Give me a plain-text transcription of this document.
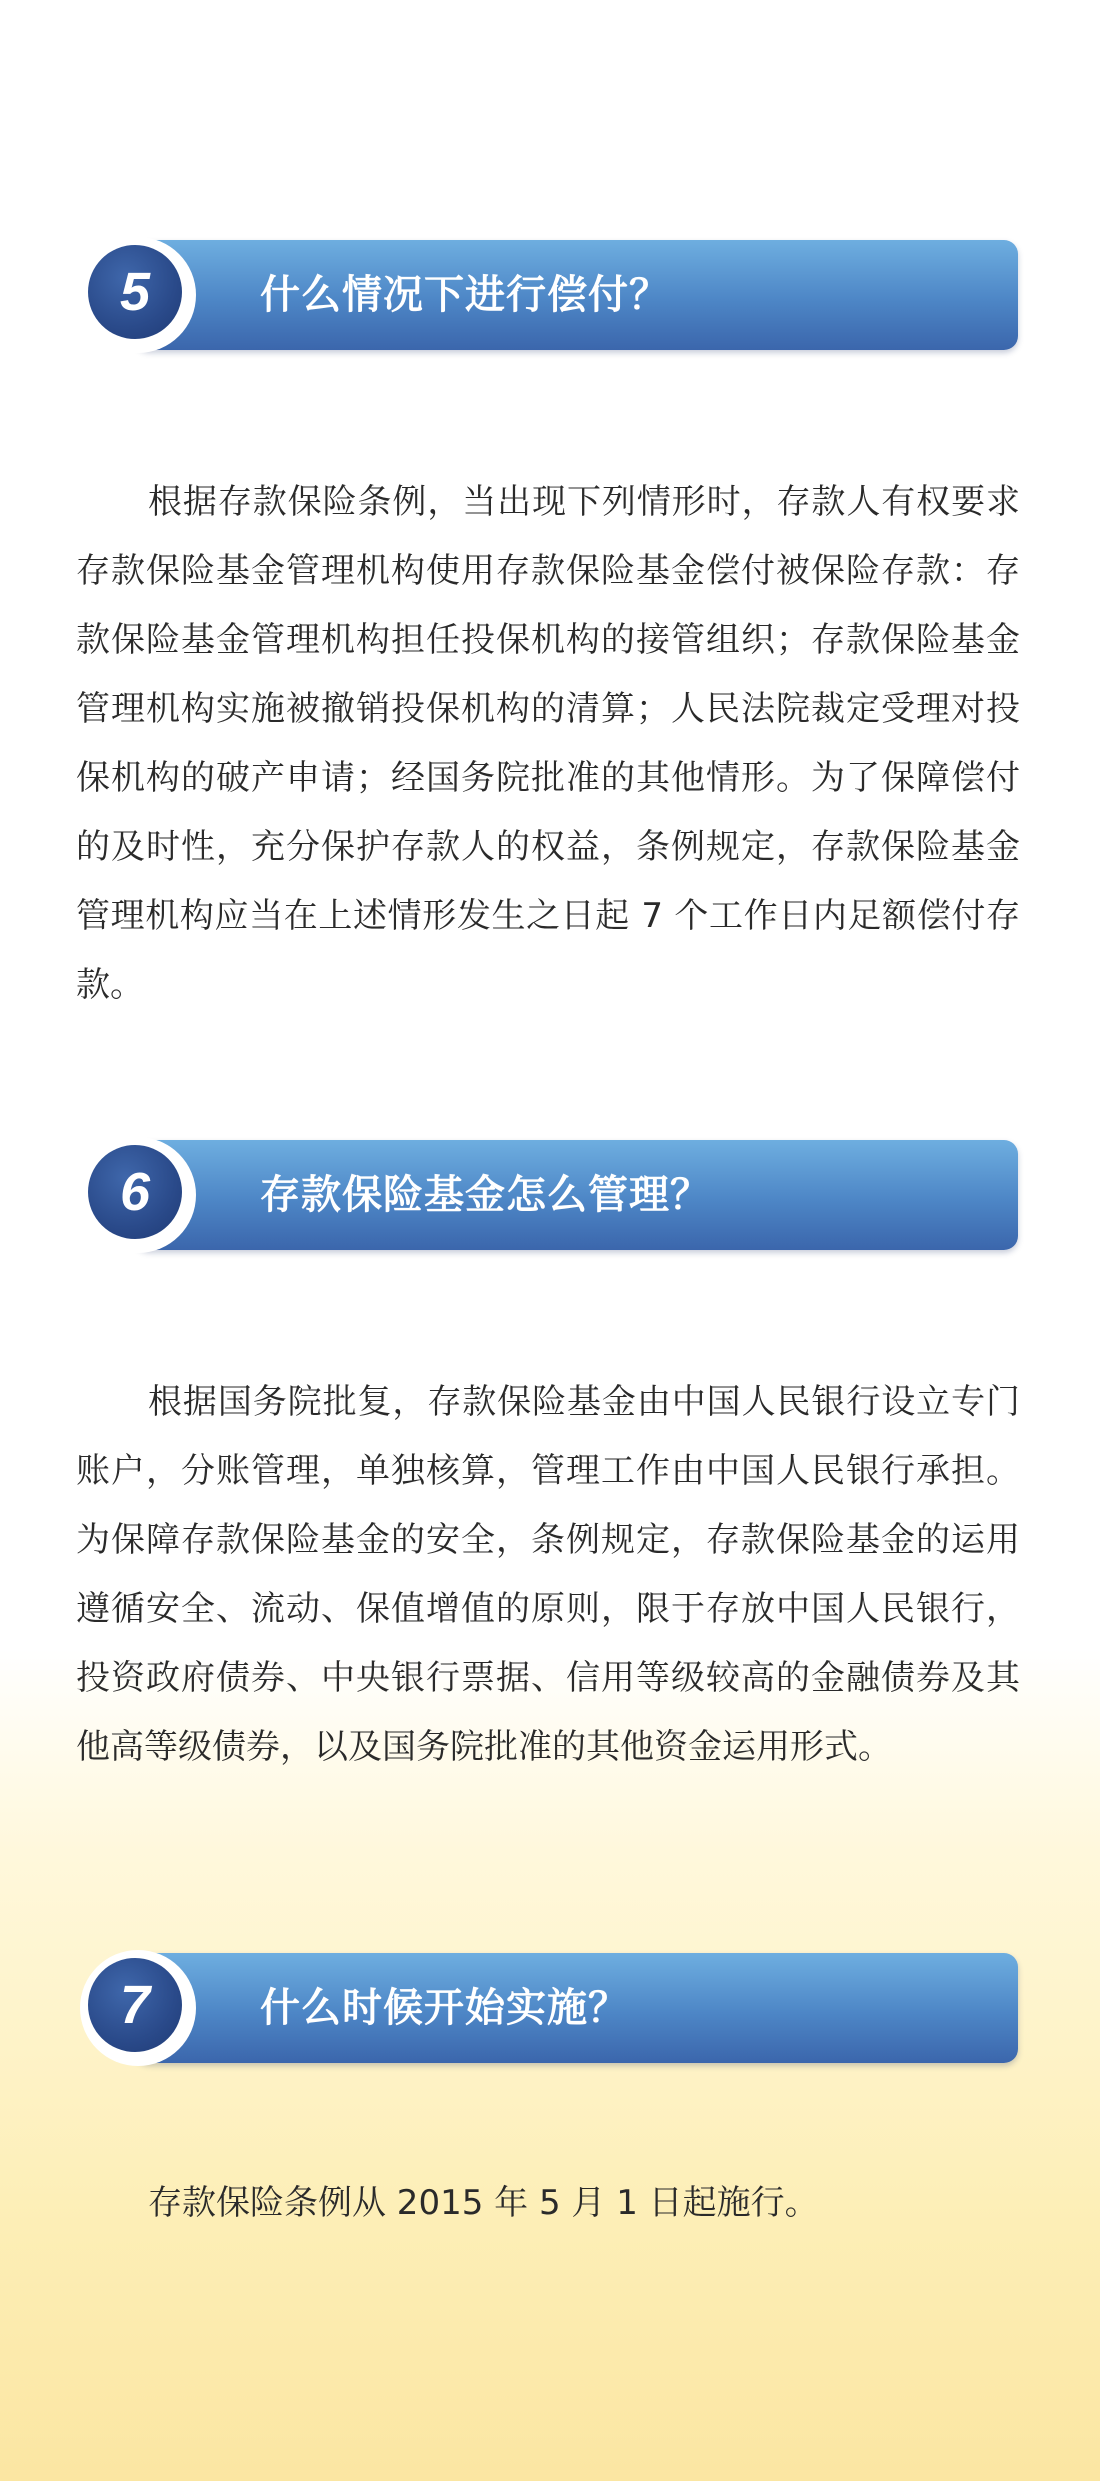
什么情况下进行偿付？
5

根据存款保险条例，当出现下列情形时，存款人有权要求存款保险基金管理机构使用存款保险基金偿付被保险存款：存款保险基金管理机构担任投保机构的接管组织；存款保险基金管理机构实施被撤销投保机构的清算；人民法院裁定受理对投保机构的破产申请；经国务院批准的其他情形。为了保障偿付的及时性，充分保护存款人的权益，条例规定，存款保险基金管理机构应当在上述情形发生之日起 7 个工作日内足额偿付存款。

存款保险基金怎么管理？
6

根据国务院批复，存款保险基金由中国人民银行设立专门账户，分账管理，单独核算，管理工作由中国人民银行承担。为保障存款保险基金的安全，条例规定，存款保险基金的运用遵循安全、流动、保值增值的原则，限于存放中国人民银行，投资政府债券、中央银行票据、信用等级较高的金融债券及其他高等级债券，以及国务院批准的其他资金运用形式。

什么时候开始实施？
7

存款保险条例从 2015 年 5 月 1 日起施行。
